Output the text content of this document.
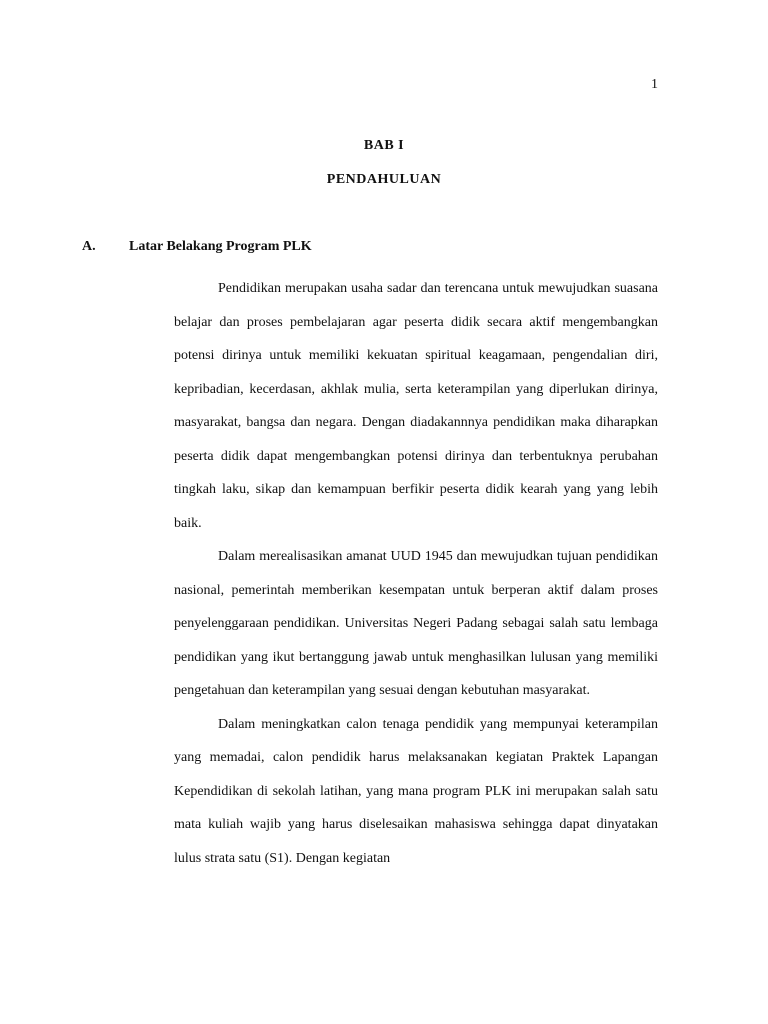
1
BAB I
PENDAHULUAN
A. Latar Belakang Program PLK

Pendidikan merupakan usaha sadar dan terencana untuk mewujudkan suasana belajar dan proses pembelajaran agar peserta didik secara aktif mengembangkan potensi dirinya untuk memiliki kekuatan spiritual keagamaan, pengendalian diri, kepribadian, kecerdasan, akhlak mulia, serta keterampilan yang diperlukan dirinya, masyarakat, bangsa dan negara. Dengan diadakannnya pendidikan maka diharapkan peserta didik dapat mengembangkan potensi dirinya dan terbentuknya perubahan tingkah laku, sikap dan kemampuan berfikir peserta didik kearah yang yang lebih baik.

Dalam merealisasikan amanat UUD 1945 dan mewujudkan tujuan pendidikan nasional, pemerintah memberikan kesempatan untuk berperan aktif dalam proses penyelenggaraan pendidikan. Universitas Negeri Padang sebagai salah satu lembaga pendidikan yang ikut bertanggung jawab untuk menghasilkan lulusan yang memiliki pengetahuan dan keterampilan yang sesuai dengan kebutuhan masyarakat.

Dalam meningkatkan calon tenaga pendidik yang mempunyai keterampilan yang memadai, calon pendidik harus melaksanakan kegiatan Praktek Lapangan Kependidikan di sekolah latihan, yang mana program PLK ini merupakan salah satu mata kuliah wajib yang harus diselesaikan mahasiswa sehingga dapat dinyatakan lulus strata satu (S1). Dengan kegiatan
